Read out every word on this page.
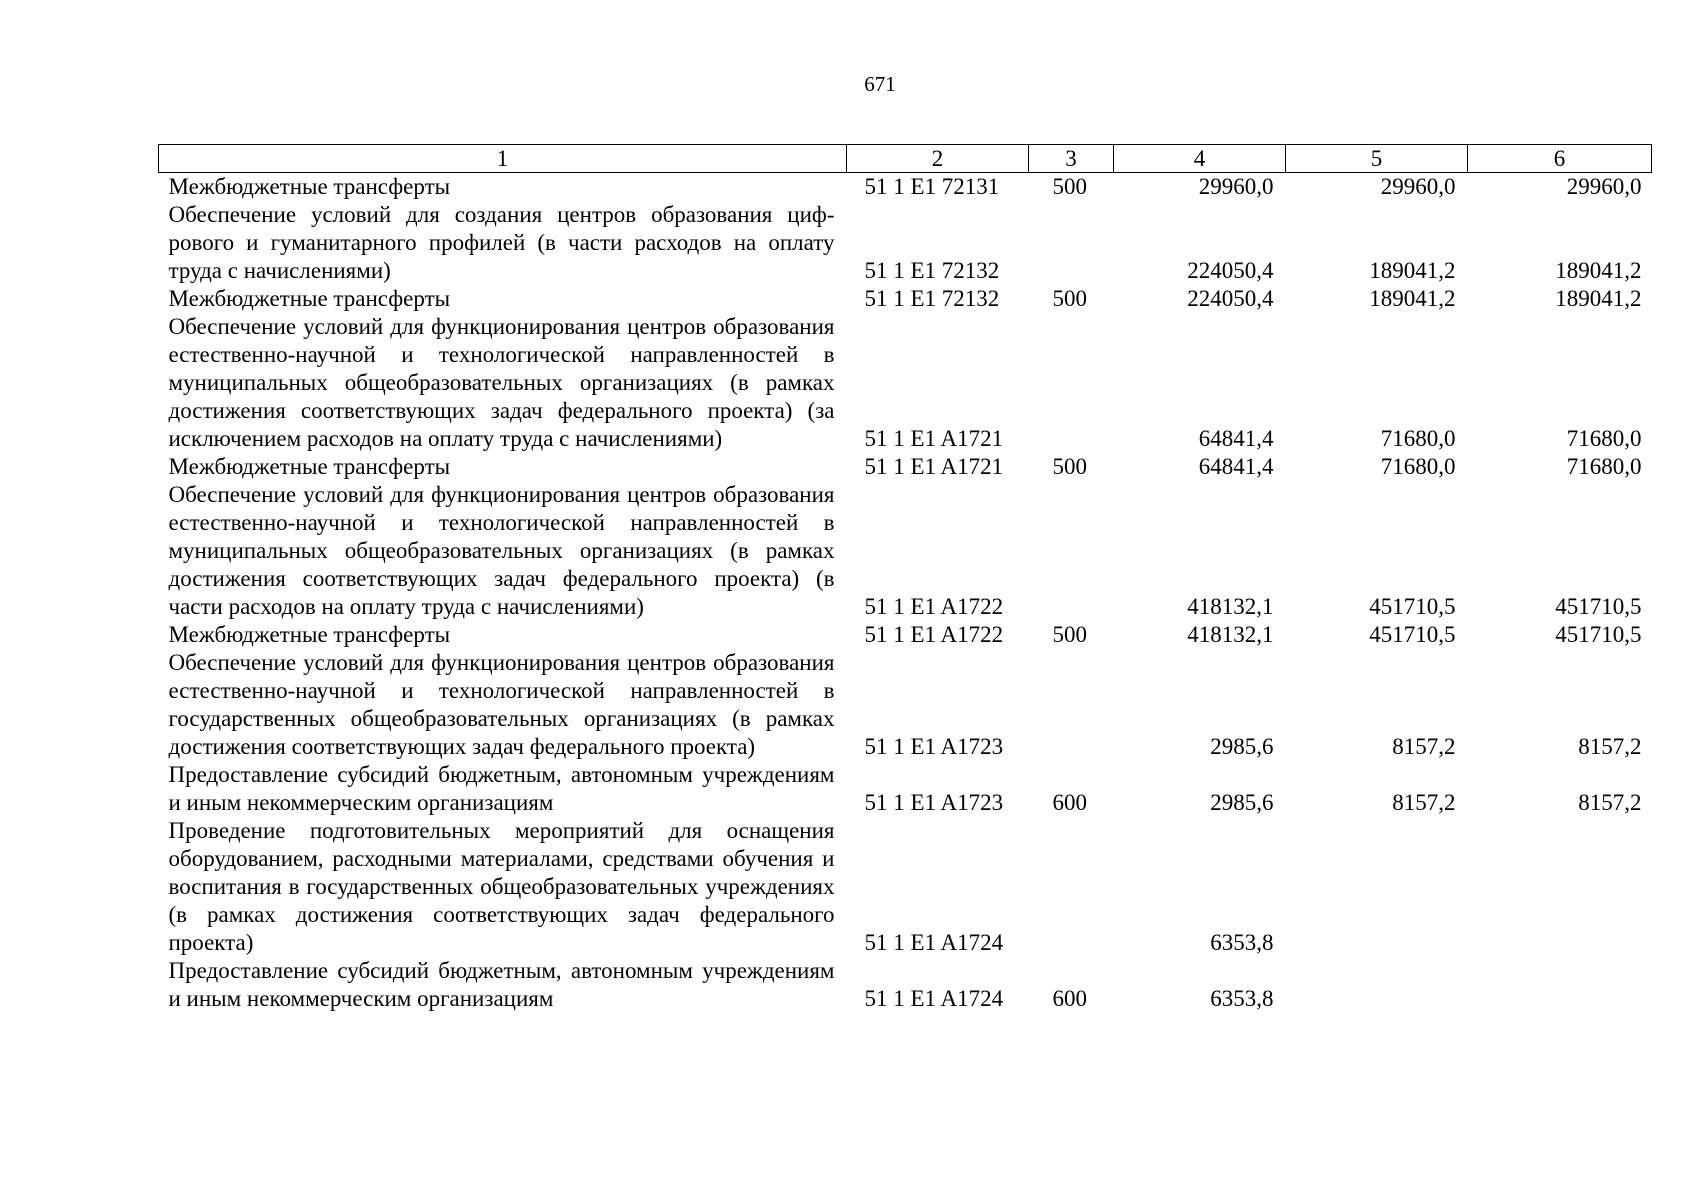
671
1	2	3	4	5	6
Межбюджетные трансферты	51 1 E1 72131	500	29960,0	29960,0	29960,0
Обеспечение условий для создания центров образования цифрового и гуманитарного профилей (в части расходов на оплату труда с начислениями)	51 1 E1 72132		224050,4	189041,2	189041,2
Межбюджетные трансферты	51 1 E1 72132	500	224050,4	189041,2	189041,2
Обеспечение условий для функционирования центров образования естественно-научной и технологической направленностей в муниципальных общеобразовательных организациях (в рамках достижения соответствующих задач федерального проекта) (за исключением расходов на оплату труда с начислениями)	51 1 E1 A1721		64841,4	71680,0	71680,0
Межбюджетные трансферты	51 1 E1 A1721	500	64841,4	71680,0	71680,0
Обеспечение условий для функционирования центров образования естественно-научной и технологической направленностей в муниципальных общеобразовательных организациях (в рамках достижения соответствующих задач федерального проекта) (в части расходов на оплату труда с начислениями)	51 1 E1 A1722		418132,1	451710,5	451710,5
Межбюджетные трансферты	51 1 E1 A1722	500	418132,1	451710,5	451710,5
Обеспечение условий для функционирования центров образования естественно-научной и технологической направленностей в государственных общеобразовательных организациях (в рамках достижения соответствующих задач федерального проекта)	51 1 E1 A1723		2985,6	8157,2	8157,2
Предоставление субсидий бюджетным, автономным учреждениям и иным некоммерческим организациям	51 1 E1 A1723	600	2985,6	8157,2	8157,2
Проведение подготовительных мероприятий для оснащения оборудованием, расходными материалами, средствами обучения и воспитания в государственных общеобразовательных учреждениях (в рамках достижения соответствующих задач федерального проекта)	51 1 E1 A1724		6353,8		
Предоставление субсидий бюджетным, автономным учреждениям и иным некоммерческим организациям	51 1 E1 A1724	600	6353,8		
